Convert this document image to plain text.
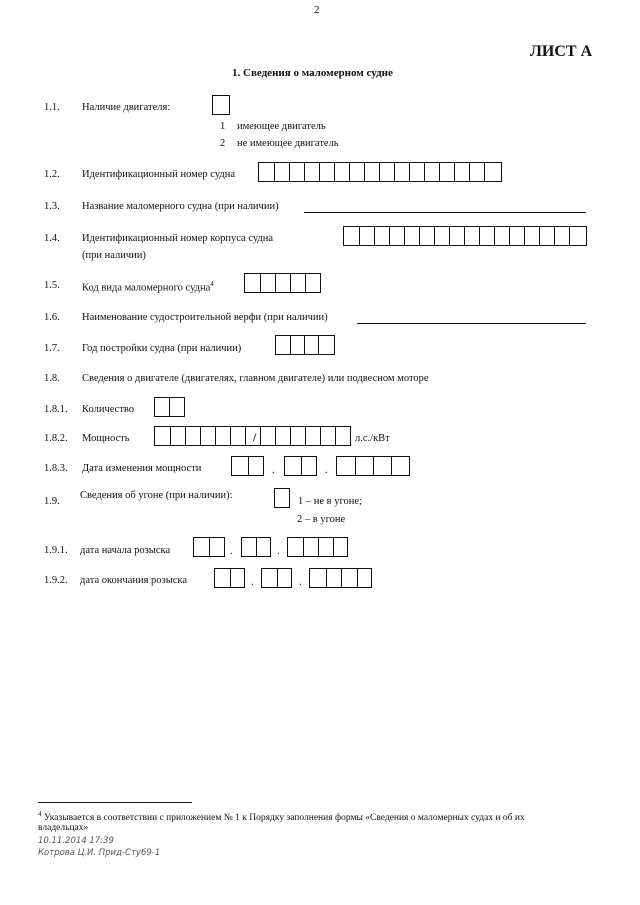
2
ЛИСТ А
1. Сведения о маломерном судне
1.1. Наличие двигателя:
1 имеющее двигатель
2 не имеющее двигатель
1.2. Идентификационный номер судна
1.3. Название маломерного судна (при наличии)
1.4. Идентификационный номер корпуса судна
(при наличии)
1.5. Код вида маломерного судна$^4$
1.6. Наименование судостроительной верфи (при наличии)
1.7. Год постройки судна (при наличии)
1.8. Сведения о двигателе (двигателях, главном двигателе) или подвесном моторе
1.8.1. Количество
1.8.2. Мощность	/	л.с./кВт
1.8.3. Дата изменения мощности	.	.
1.9.
Сведения об угоне (при наличии):
1 – не в угоне;
2 – в угоне
1.9.1. дата начала розыска	.	.
1.9.2. дата окончания розыска	.	.
$^4$ Указывается в соответствии с приложением № 1 к Порядку заполнения формы «Сведения о маломерных судах и об их
владельцах»
10.11.2014 17:39
Котрова Ц.И. Прид-Сту69-1
